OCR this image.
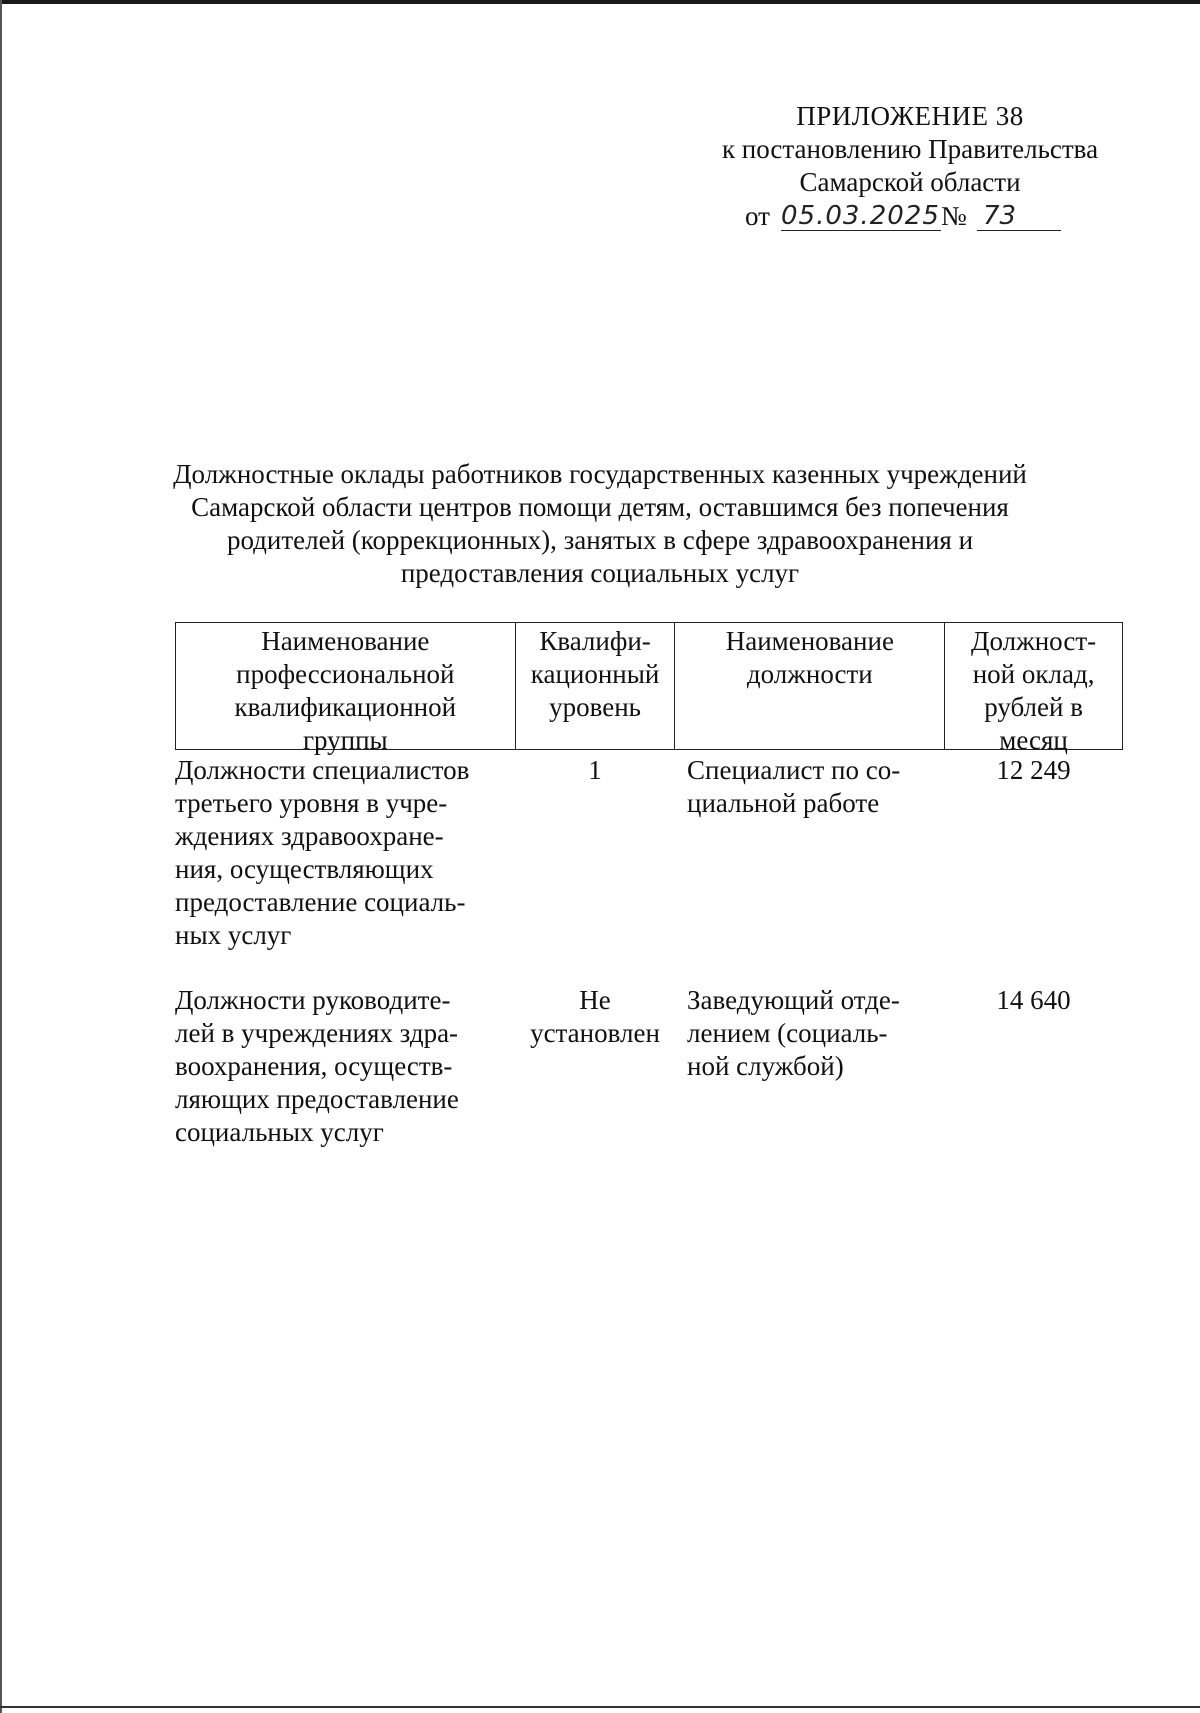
ПРИЛОЖЕНИЕ 38
к постановлению Правительства
Самарской области
от 05.03.2025 № 73
Должностные оклады работников государственных казенных учреждений
Самарской области центров помощи детям, оставшимся без попечения
родителей (коррекционных), занятых в сфере здравоохранения и
предоставления социальных услуг
Наименование
профессиональной
квалификационной
группы
Квалифи-
кационный
уровень
Наименование
должности
Должност-
ной оклад,
рублей в
месяц
Должности специалистов
третьего уровня в учре-
ждениях здравоохране-
ния, осуществляющих
предоставление социаль-
ных услуг
1	Специалист по со-
циальной работе
12 249
Должности руководите-
лей в учреждениях здра-
воохранения, осуществ-
ляющих предоставление
социальных услуг
Не
установлен
Заведующий отде-
лением (социаль-
ной службой)
14 640
